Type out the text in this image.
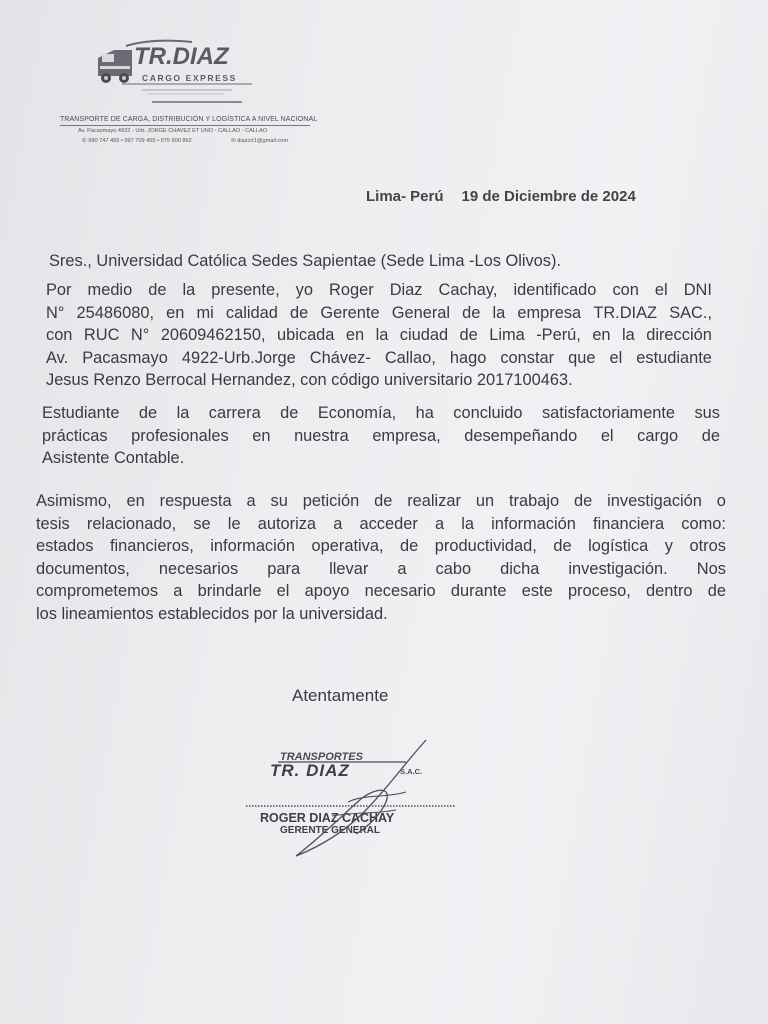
TR.DIAZ
CARGO EXPRESS
TRANSPORTE DE CARGA, DISTRIBUCIÓN Y LOGÍSTICA A NIVEL NACIONAL
Av. Pacasmayo 4922 - Urb. JORGE CHAVEZ ET UNO - CALLAO - CALLAO
✆ 990 747 455 • 997 709 455 • 975 900 862	✉ diazcrt1@gmail.com
Lima- Perú 19 de Diciembre de 2024
Sres., Universidad Católica Sedes Sapientae (Sede Lima -Los Olivos).
Por medio de la presente, yo Roger Diaz Cachay, identificado con el DNI
N° 25486080, en mi calidad de Gerente General de la empresa TR.DIAZ SAC.,
con RUC N° 20609462150, ubicada en la ciudad de Lima -Perú, en la dirección
Av. Pacasmayo 4922-Urb.Jorge Chávez- Callao, hago constar que el estudiante
Jesus Renzo Berrocal Hernandez, con código universitario 2017100463.
Estudiante de la carrera de Economía, ha concluido satisfactoriamente sus
prácticas profesionales en nuestra empresa, desempeñando el cargo de
Asistente Contable.
Asimismo, en respuesta a su petición de realizar un trabajo de investigación o
tesis relacionado, se le autoriza a acceder a la información financiera como:
estados financieros, información operativa, de productividad, de logística y otros
documentos, necesarios para llevar a cabo dicha investigación. Nos
comprometemos a brindarle el apoyo necesario durante este proceso, dentro de
los lineamientos establecidos por la universidad.
Atentamente
TRANSPORTES
TR. DIAZ	S.A.C.
ROGER DIAZ CACHAY
GERENTE GENERAL
